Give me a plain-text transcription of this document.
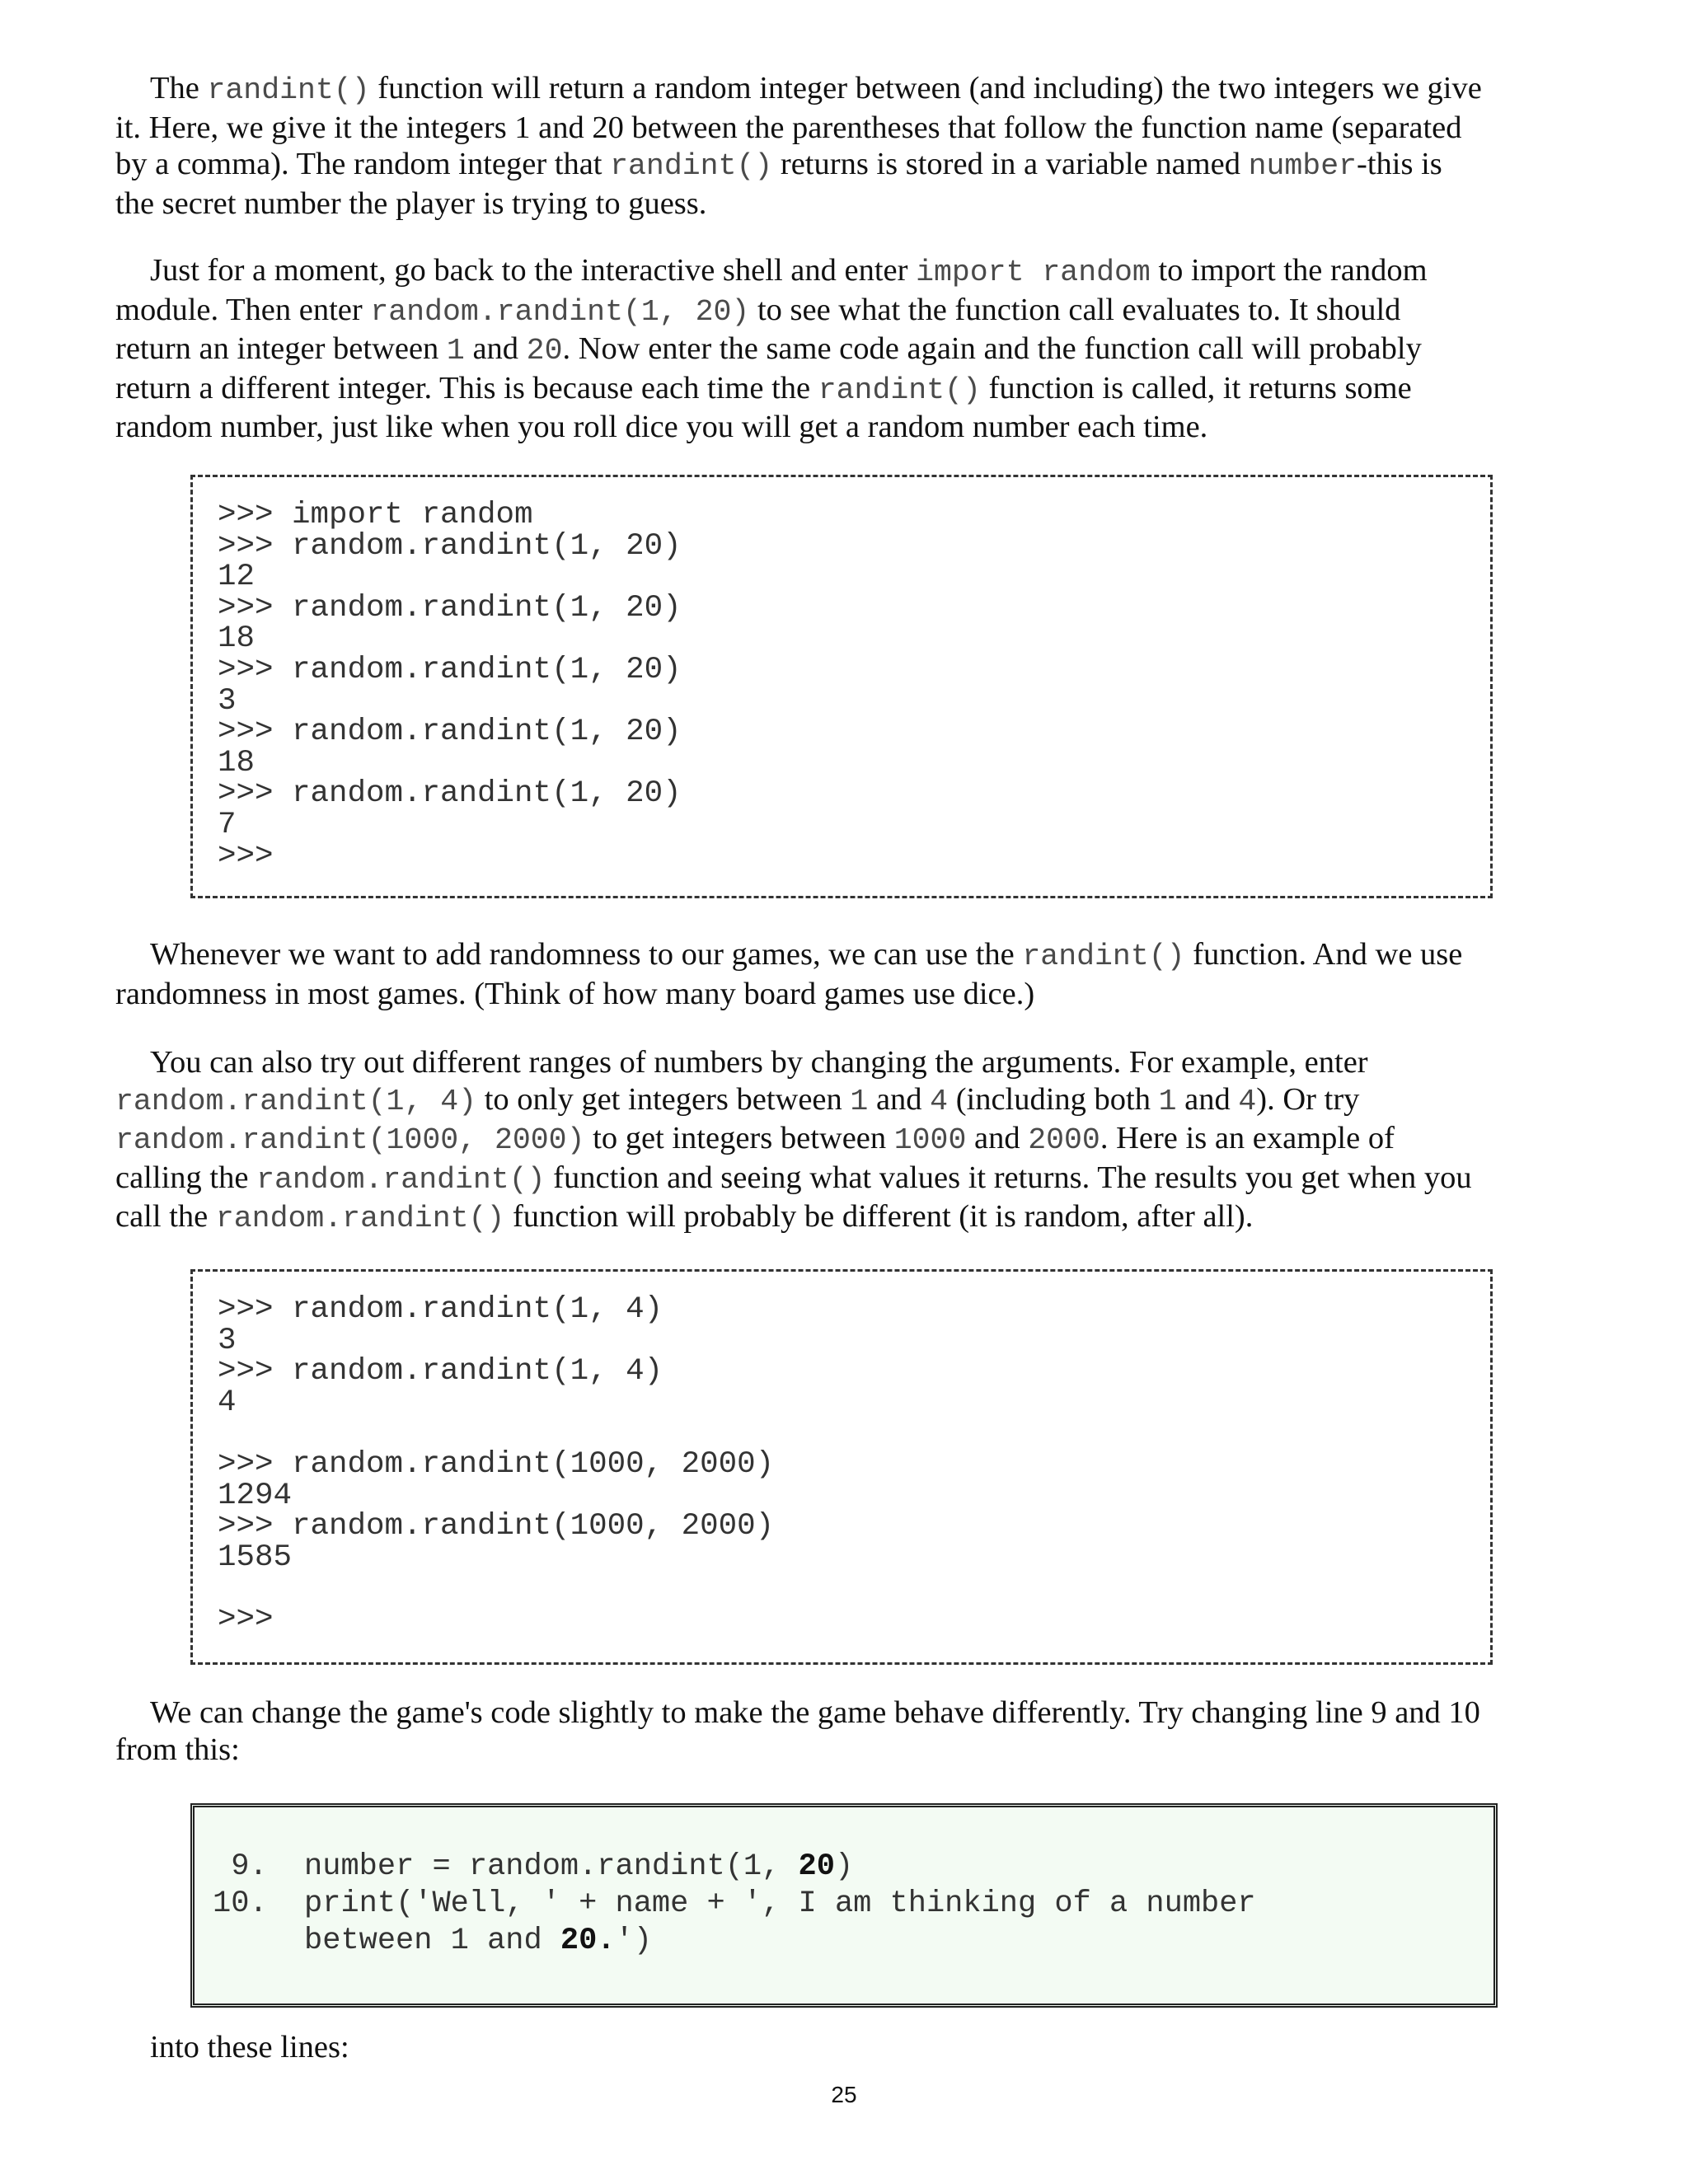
The randint() function will return a random integer between (and including) the two integers we give
it. Here, we give it the integers 1 and 20 between the parentheses that follow the function name (separated
by a comma). The random integer that randint() returns is stored in a variable named number-this is
the secret number the player is trying to guess.
Just for a moment, go back to the interactive shell and enter import random to import the random
module. Then enter random.randint(1, 20) to see what the function call evaluates to. It should
return an integer between 1 and 20. Now enter the same code again and the function call will probably
return a different integer. This is because each time the randint() function is called, it returns some
random number, just like when you roll dice you will get a random number each time.
>>> import random
>>> random.randint(1, 20)
12
>>> random.randint(1, 20)
18
>>> random.randint(1, 20)
3
>>> random.randint(1, 20)
18
>>> random.randint(1, 20)
7
>>>
Whenever we want to add randomness to our games, we can use the randint() function. And we use
randomness in most games. (Think of how many board games use dice.)
You can also try out different ranges of numbers by changing the arguments. For example, enter
random.randint(1, 4) to only get integers between 1 and 4 (including both 1 and 4). Or try
random.randint(1000, 2000) to get integers between 1000 and 2000. Here is an example of
calling the random.randint() function and seeing what values it returns. The results you get when you
call the random.randint() function will probably be different (it is random, after all).
>>> random.randint(1, 4)
3
>>> random.randint(1, 4)
4

>>> random.randint(1000, 2000)
1294
>>> random.randint(1000, 2000)
1585

>>>
We can change the game's code slightly to make the game behave differently. Try changing line 9 and 10
from this:
9. number = random.randint(1, 20)
10. print('Well, ' + name + ', I am thinking of a number
between 1 and 20.')
into these lines:
25
